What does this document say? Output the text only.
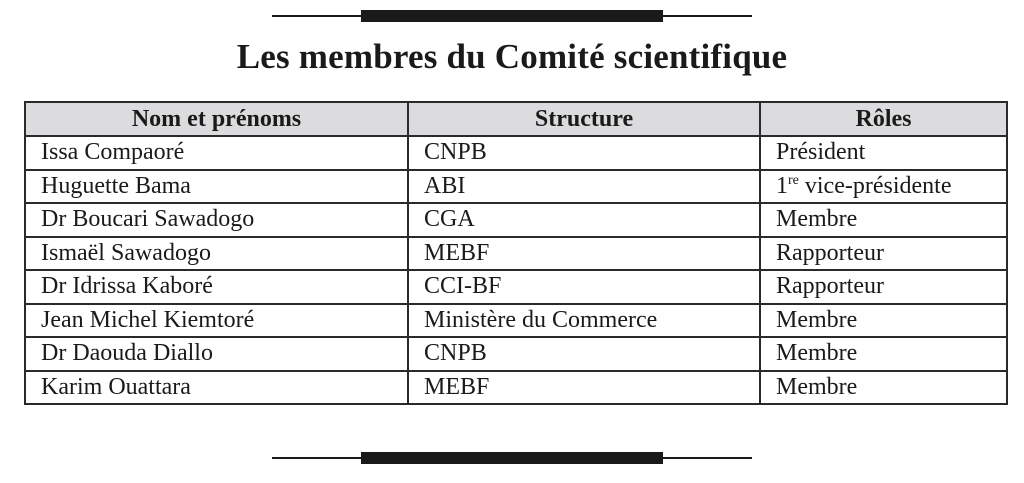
Les membres du Comité scientifique
Nom et prénoms	Structure	Rôles
Issa Compaoré	CNPB	Président
Huguette Bama	ABI	1re vice-présidente
Dr Boucari Sawadogo	CGA	Membre
Ismaël Sawadogo	MEBF	Rapporteur
Dr Idrissa Kaboré	CCI-BF	Rapporteur
Jean Michel Kiemtoré	Ministère du Commerce	Membre
Dr Daouda Diallo	CNPB	Membre
Karim Ouattara	MEBF	Membre
